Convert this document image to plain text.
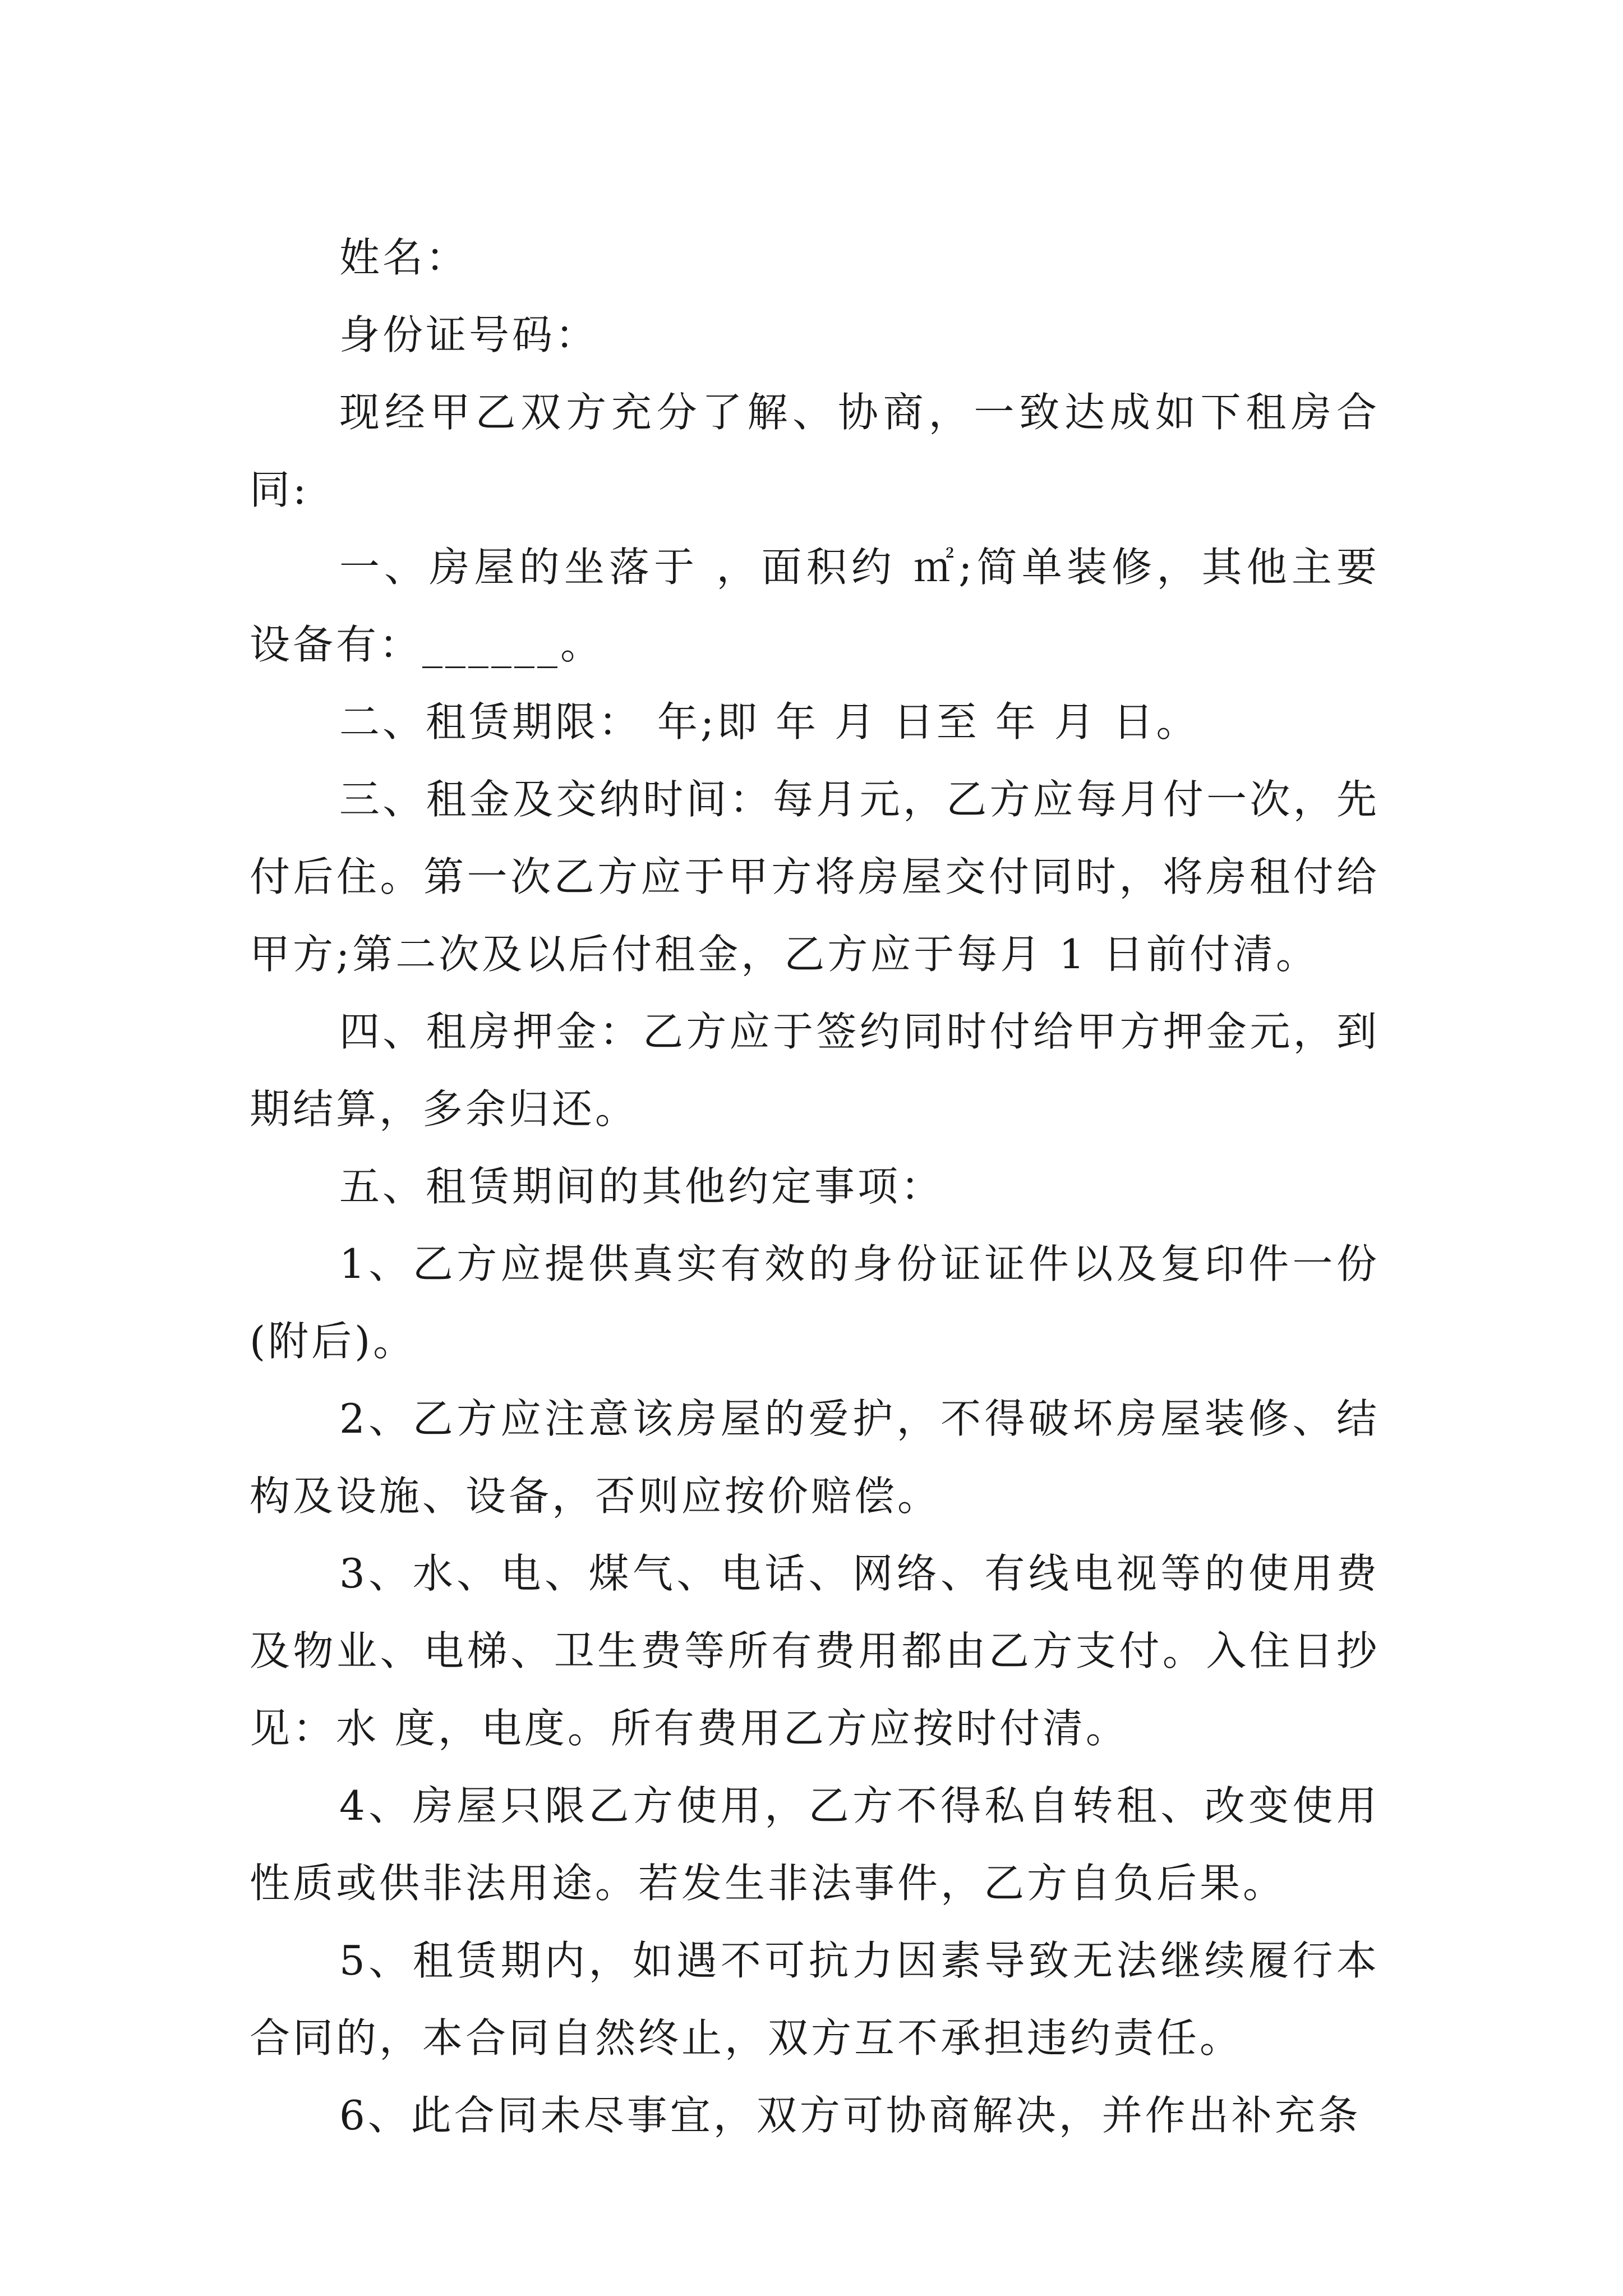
姓名：

身份证号码：

现经甲乙双方充分了解、协商，一致达成如下租房合同:

一、房屋的坐落于 ，面积约 ㎡;简单装修，其他主要设备有：______。

二、租赁期限： 年;即 年 月 日至 年 月 日。

三、租金及交纳时间：每月元，乙方应每月付一次，先付后住。第一次乙方应于甲方将房屋交付同时，将房租付给甲方;第二次及以后付租金，乙方应于每月 1 日前付清。

四、租房押金：乙方应于签约同时付给甲方押金元，到期结算，多余归还。

五、租赁期间的其他约定事项：

1、乙方应提供真实有效的身份证证件以及复印件一份(附后)。

2、乙方应注意该房屋的爱护，不得破坏房屋装修、结构及设施、设备，否则应按价赔偿。

3、水、电、煤气、电话、网络、有线电视等的使用费及物业、电梯、卫生费等所有费用都由乙方支付。入住日抄见：水 度，电度。所有费用乙方应按时付清。

4、房屋只限乙方使用，乙方不得私自转租、改变使用性质或供非法用途。若发生非法事件，乙方自负后果。

5、租赁期内，如遇不可抗力因素导致无法继续履行本合同的，本合同自然终止，双方互不承担违约责任。

6、此合同未尽事宜，双方可协商解决，并作出补充条
